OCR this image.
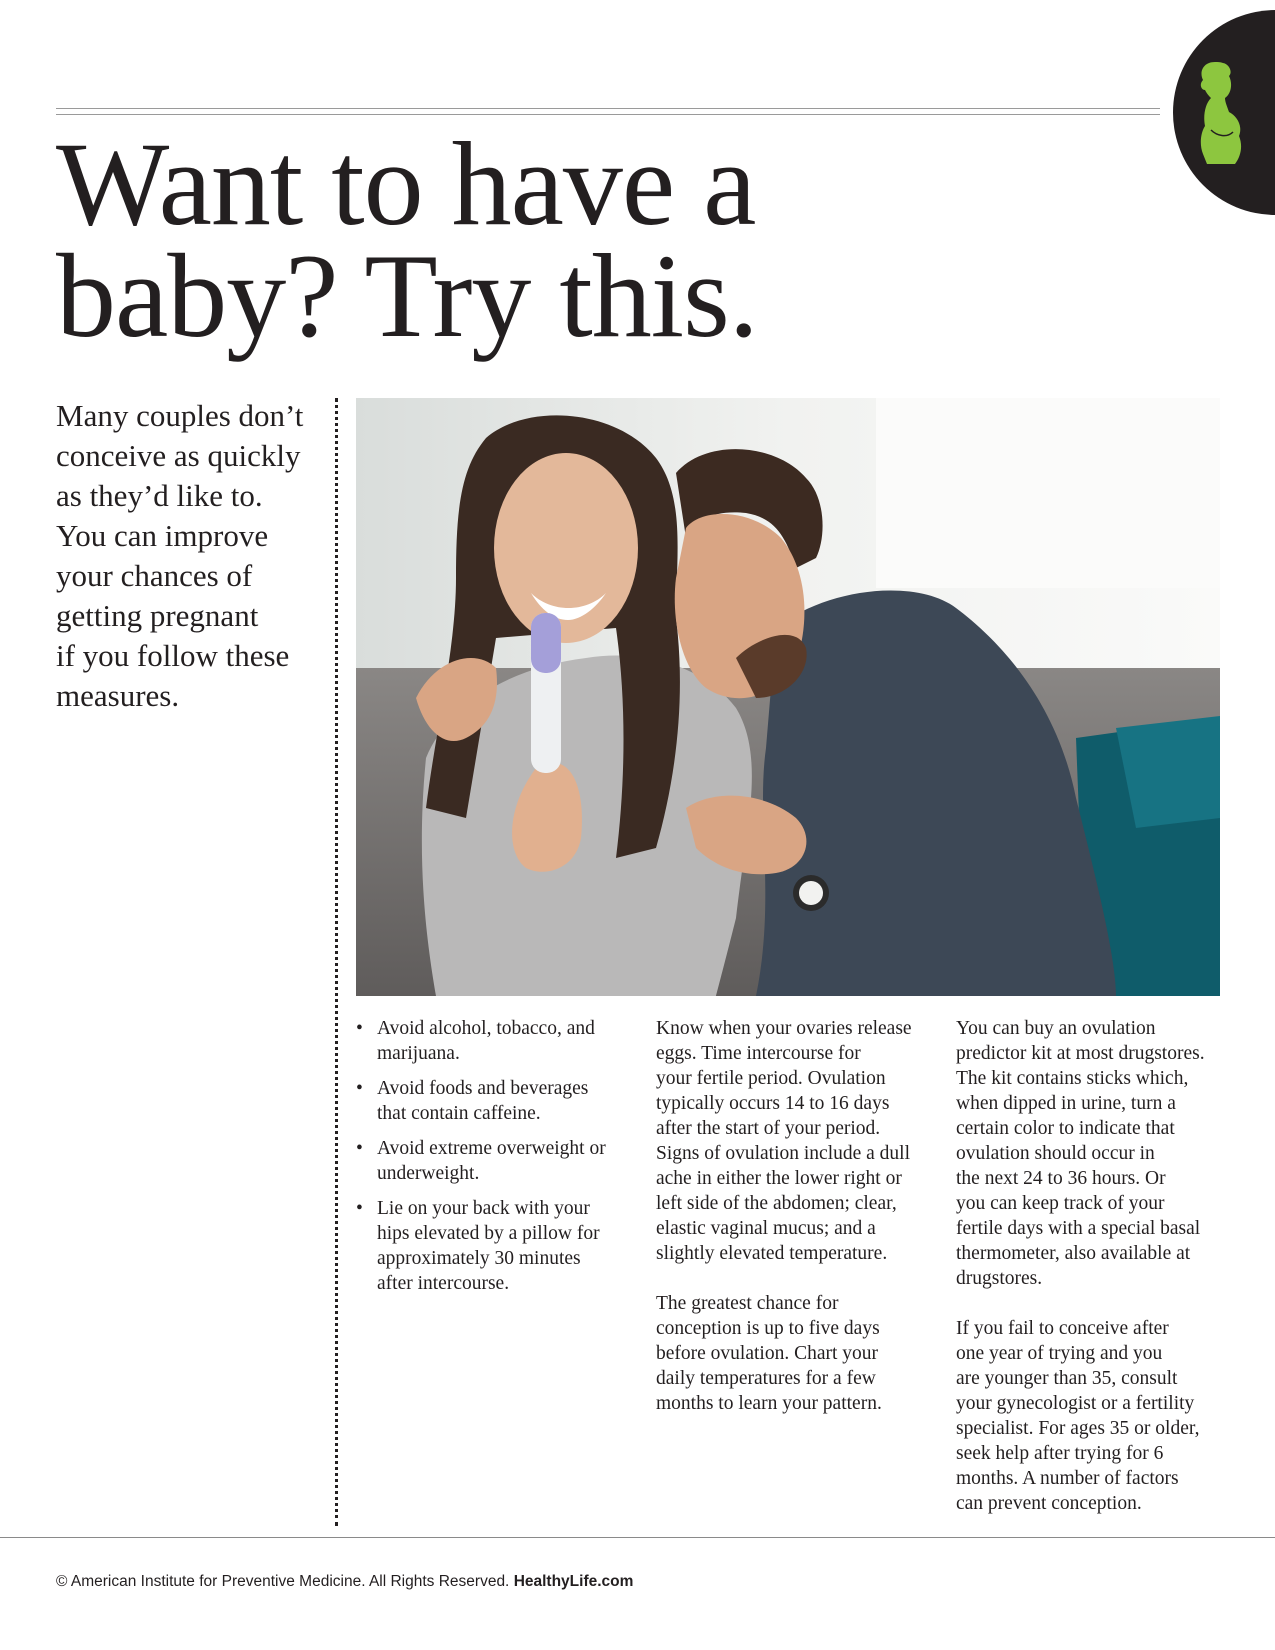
Want to have a
baby? Try this.

Many couples don’t
conceive as quickly
as they’d like to.
You can improve
your chances of
getting pregnant
if you follow these
measures.

• Avoid alcohol, tobacco, and
marijuana.
• Avoid foods and beverages
that contain caffeine.
• Avoid extreme overweight or
underweight.
• Lie on your back with your
hips elevated by a pillow for
approximately 30 minutes
after intercourse.

Know when your ovaries release
eggs. Time intercourse for
your fertile period. Ovulation
typically occurs 14 to 16 days
after the start of your period.
Signs of ovulation include a dull
ache in either the lower right or
left side of the abdomen; clear,
elastic vaginal mucus; and a
slightly elevated temperature.

The greatest chance for
conception is up to five days
before ovulation. Chart your
daily temperatures for a few
months to learn your pattern.

You can buy an ovulation
predictor kit at most drugstores.
The kit contains sticks which,
when dipped in urine, turn a
certain color to indicate that
ovulation should occur in
the next 24 to 36 hours. Or
you can keep track of your
fertile days with a special basal
thermometer, also available at
drugstores.

If you fail to conceive after
one year of trying and you
are younger than 35, consult
your gynecologist or a fertility
specialist. For ages 35 or older,
seek help after trying for 6
months. A number of factors
can prevent conception.

© American Institute for Preventive Medicine. All Rights Reserved. HealthyLife.com
